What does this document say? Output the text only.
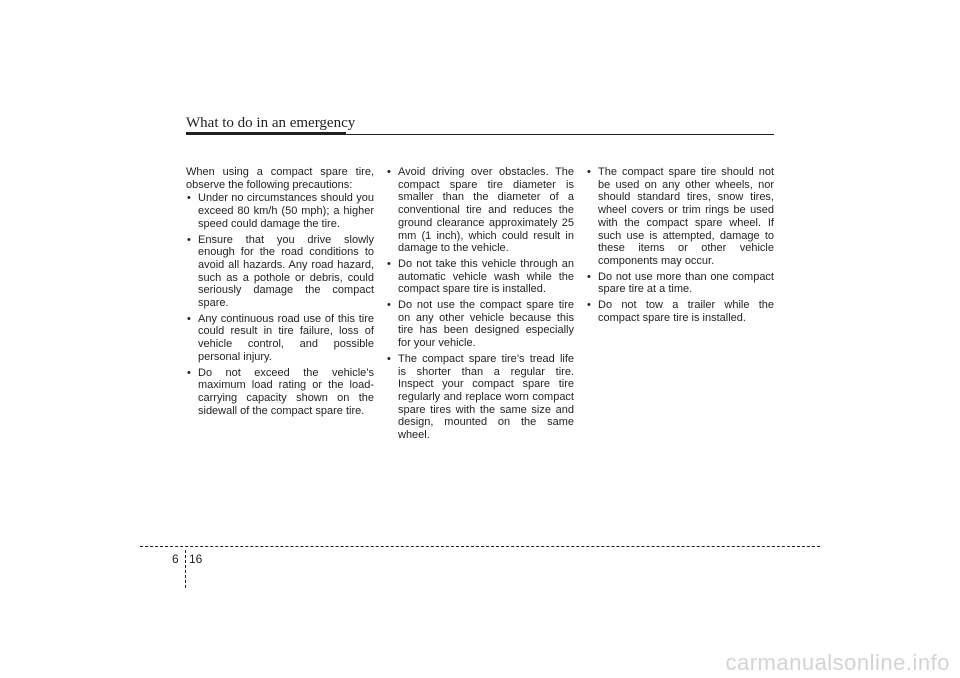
What to do in an emergency

When using a compact spare tire, observe the following precautions:

• Under no circumstances should you exceed 80 km/h (50 mph); a higher speed could damage the tire.
• Ensure that you drive slowly enough for the road conditions to avoid all hazards. Any road hazard, such as a pothole or debris, could seriously damage the compact spare.
• Any continuous road use of this tire could result in tire failure, loss of vehicle control, and possible personal injury.
• Do not exceed the vehicle’s maximum load rating or the load-carrying capacity shown on the sidewall of the compact spare tire.
• Avoid driving over obstacles. The compact spare tire diameter is smaller than the diameter of a conventional tire and reduces the ground clearance approximately 25 mm (1 inch), which could result in damage to the vehicle.
• Do not take this vehicle through an automatic vehicle wash while the compact spare tire is installed.
• Do not use the compact spare tire on any other vehicle because this tire has been designed especially for your vehicle.
• The compact spare tire’s tread life is shorter than a regular tire. Inspect your compact spare tire regularly and replace worn compact spare tires with the same size and design, mounted on the same wheel.
• The compact spare tire should not be used on any other wheels, nor should standard tires, snow tires, wheel covers or trim rings be used with the compact spare wheel. If such use is attempted, damage to these items or other vehicle components may occur.
• Do not use more than one compact spare tire at a time.
• Do not tow a trailer while the compact spare tire is installed.
6 16
carmanualsonline.info
